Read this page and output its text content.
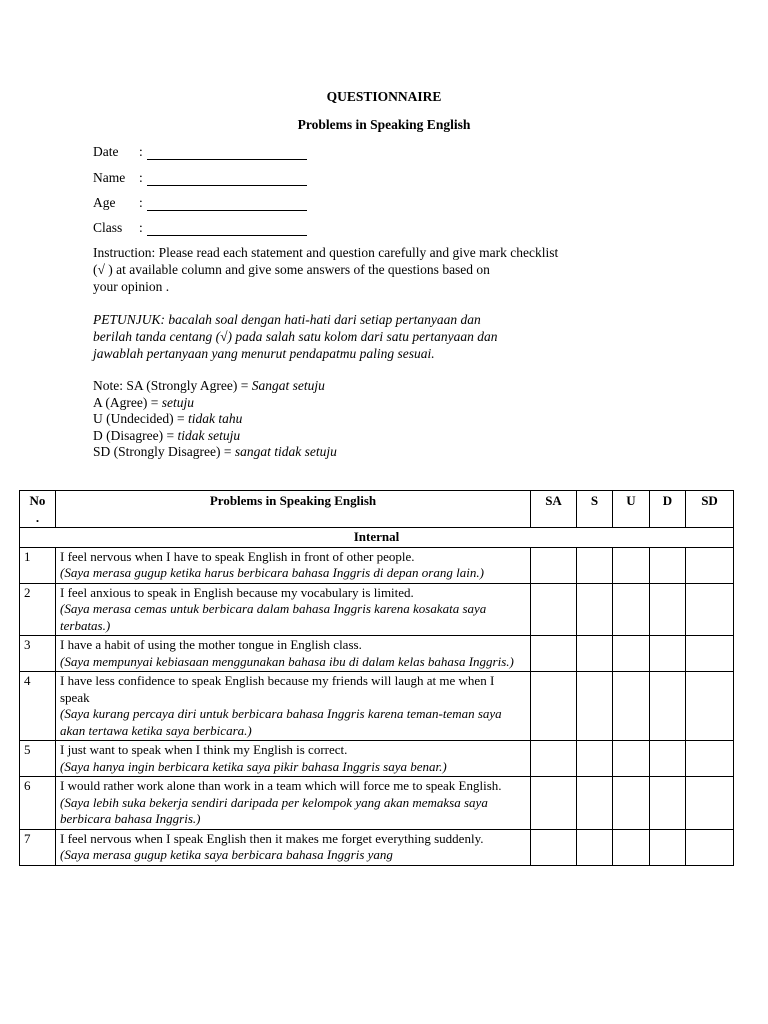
QUESTIONNAIRE
Problems in Speaking English
Date	:
Name	:
Age	:
Class	:
Instruction: Please read each statement and question carefully and give mark checklist
(√ ) at available column and give some answers of the questions based on
your opinion .
PETUNJUK: bacalah soal dengan hati-hati dari setiap pertanyaan dan
berilah tanda centang (√) pada salah satu kolom dari satu pertanyaan dan
jawablah pertanyaan yang menurut pendapatmu paling sesuai.
Note: SA (Strongly Agree) = Sangat setuju
A (Agree) = setuju
U (Undecided) = tidak tahu
D (Disagree) = tidak setuju
SD (Strongly Disagree) = sangat tidak setuju
No
.	Problems in Speaking English	SA	S	U	D	SD
Internal						
1	I feel nervous when I have to speak English in front of other people.
(Saya merasa gugup ketika harus berbicara bahasa Inggris di depan orang lain.)					

2	I feel anxious to speak in English because my vocabulary is limited.
(Saya merasa cemas untuk berbicara dalam bahasa Inggris karena kosakata saya terbatas.)					

3	I have a habit of using the mother tongue in English class.
(Saya mempunyai kebiasaan menggunakan bahasa ibu di dalam kelas bahasa Inggris.)					

4	I have less confidence to speak English because my friends will laugh at me when I speak
(Saya kurang percaya diri untuk berbicara bahasa Inggris karena teman-teman saya akan tertawa ketika saya berbicara.)					

5	I just want to speak when I think my English is correct.
(Saya hanya ingin berbicara ketika saya pikir bahasa Inggris saya benar.)					

6	I would rather work alone than work in a team which will force me to speak English.
(Saya lebih suka bekerja sendiri daripada per kelompok yang akan memaksa saya berbicara bahasa Inggris.)					

7	I feel nervous when I speak English then it makes me forget everything suddenly.
(Saya merasa gugup ketika saya berbicara bahasa Inggris yang					
